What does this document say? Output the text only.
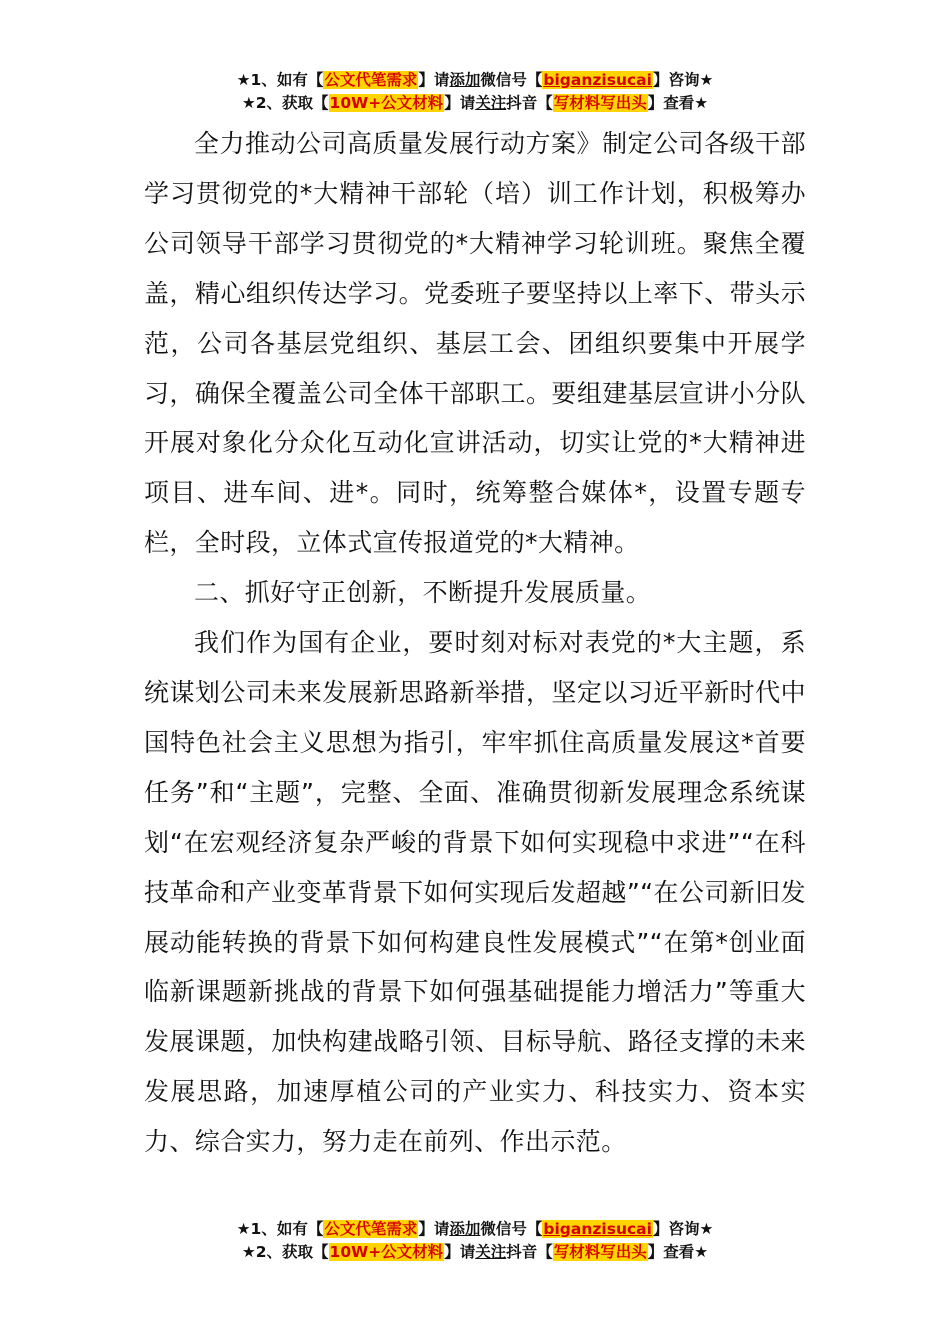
★1、如有【公文代笔需求】请添加微信号【biganzisucai】咨询★
★2、获取【10W+公文材料】请关注抖音【写材料写出头】查看★

全力推动公司高质量发展行动方案》制定公司各级干部学习贯彻党的*大精神干部轮（培）训工作计划，积极筹办公司领导干部学习贯彻党的*大精神学习轮训班。聚焦全覆盖，精心组织传达学习。党委班子要坚持以上率下、带头示范，公司各基层党组织、基层工会、团组织要集中开展学习，确保全覆盖公司全体干部职工。要组建基层宣讲小分队开展对象化分众化互动化宣讲活动，切实让党的*大精神进项目、进车间、进*。同时，统筹整合媒体*，设置专题专栏，全时段，立体式宣传报道党的*大精神。

二、抓好守正创新，不断提升发展质量。

我们作为国有企业，要时刻对标对表党的*大主题，系统谋划公司未来发展新思路新举措，坚定以习近平新时代中国特色社会主义思想为指引，牢牢抓住高质量发展这*首要任务”和“主题”，完整、全面、准确贯彻新发展理念系统谋划“在宏观经济复杂严峻的背景下如何实现稳中求进”“在科技革命和产业变革背景下如何实现后发超越”“在公司新旧发展动能转换的背景下如何构建良性发展模式”“在第*创业面临新课题新挑战的背景下如何强基础提能力增活力”等重大发展课题，加快构建战略引领、目标导航、路径支撑的未来发展思路，加速厚植公司的产业实力、科技实力、资本实力、综合实力，努力走在前列、作出示范。

★1、如有【公文代笔需求】请添加微信号【biganzisucai】咨询★
★2、获取【10W+公文材料】请关注抖音【写材料写出头】查看★
